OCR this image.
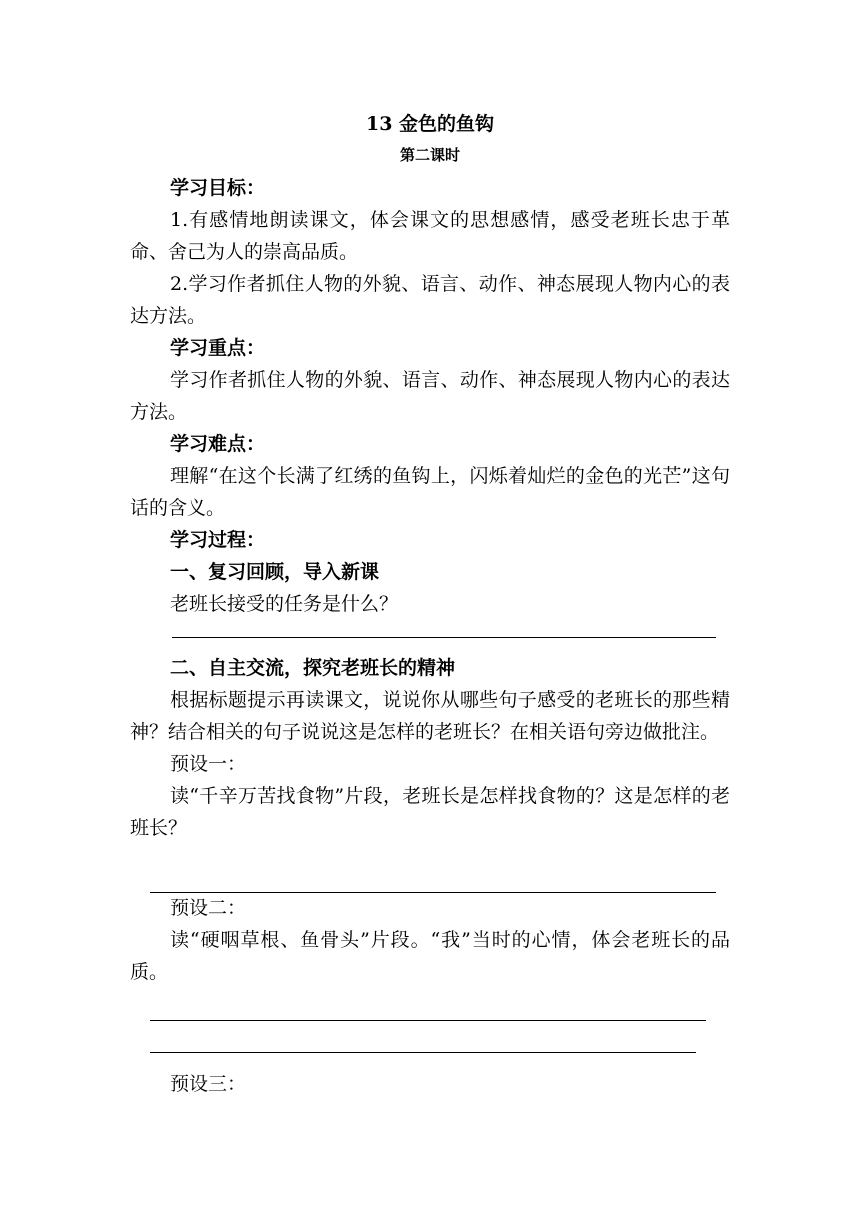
13 金色的鱼钩
第二课时

学习目标：

1.有感情地朗读课文，体会课文的思想感情，感受老班长忠于革命、舍己为人的崇高品质。

2.学习作者抓住人物的外貌、语言、动作、神态展现人物内心的表达方法。

学习重点：

学习作者抓住人物的外貌、语言、动作、神态展现人物内心的表达方法。

学习难点：

理解“在这个长满了红绣的鱼钩上，闪烁着灿烂的金色的光芒”这句话的含义。

学习过程：

一、复习回顾，导入新课

老班长接受的任务是什么？

二、自主交流，探究老班长的精神

根据标题提示再读课文，说说你从哪些句子感受的老班长的那些精神？结合相关的句子说说这是怎样的老班长？在相关语句旁边做批注。

预设一：

读“千辛万苦找食物”片段，老班长是怎样找食物的？这是怎样的老班长？

预设二：

读“硬咽草根、鱼骨头”片段。“我”当时的心情，体会老班长的品质。

预设三：
